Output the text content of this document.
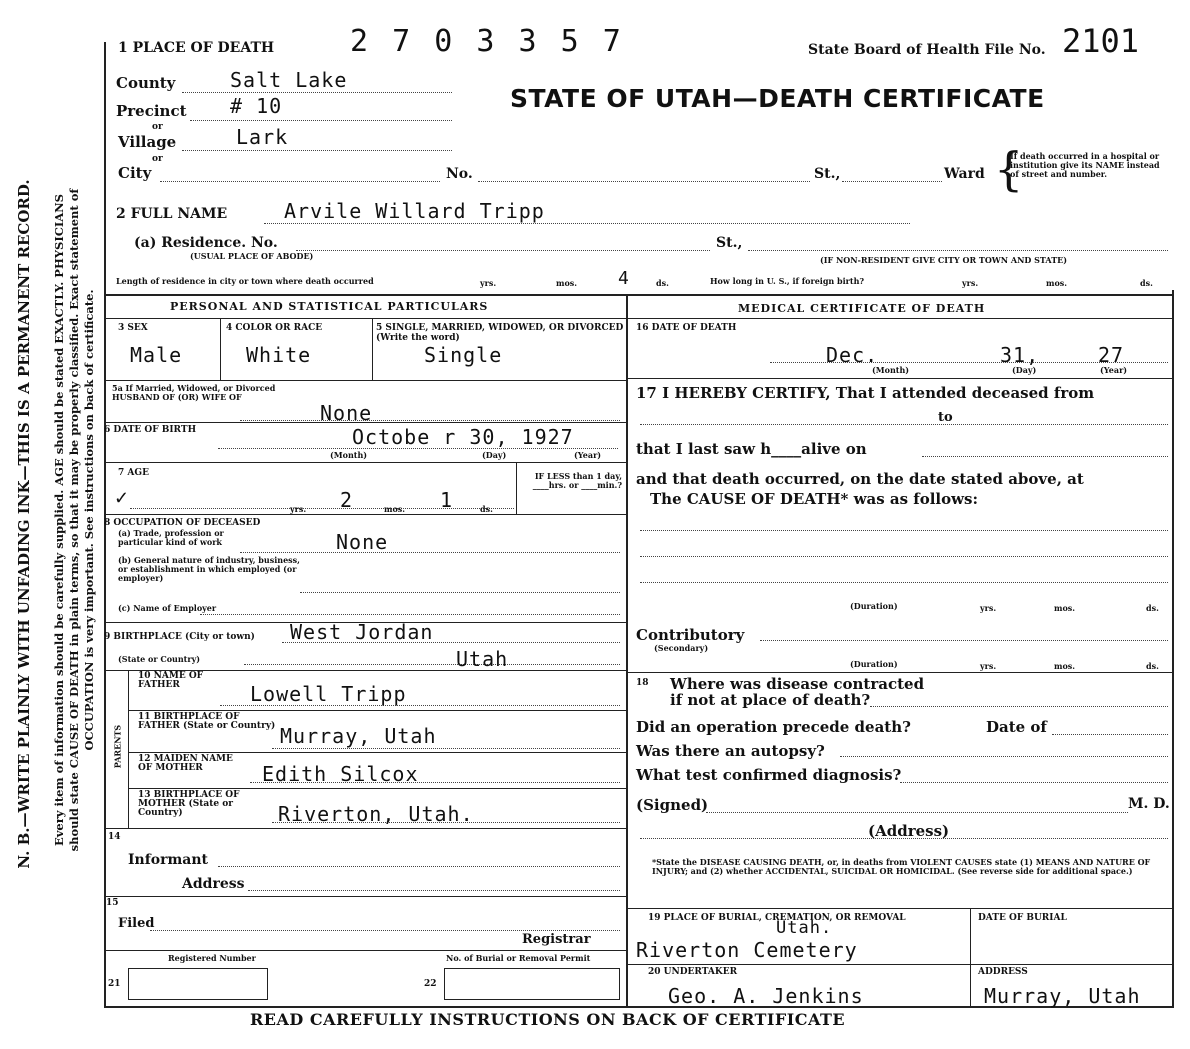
N. B.—WRITE PLAINLY WITH UNFADING INK—THIS IS A PERMANENT RECORD. Every item of information should be carefully supplied. AGE should be stated EXACTLY. PHYSICIANS should state CAUSE OF DEATH in plain terms, so that it may be properly classified. Exact statement of OCCUPATION is very important. See instructions on back of certificate.
1 PLACE OF DEATH	2 7 0 3 3 5 7	State Board of Health File No. 2101
STATE OF UTAH—DEATH CERTIFICATE
County	Salt Lake
Precinct # 10
or
Village	Lark
or
City	No.	St.,	Ward {
If death occurred in a hospital or institution give its NAME instead of street and number.
2 FULL NAME	Arvile Willard Tripp
(a) Residence. No.
(USUAL PLACE OF ABODE)
St.,
(IF NON-RESIDENT GIVE CITY OR TOWN AND STATE)
Length of residence in city or town where death occurred	yrs.	mos. 4	ds.	How long in U. S., if foreign birth?	yrs.	mos.	ds.
PERSONAL AND STATISTICAL PARTICULARS	MEDICAL CERTIFICATE OF DEATH
3 SEX
Male
4 COLOR OR RACE
White
5 SINGLE, MARRIED, WIDOWED, OR DIVORCED (Write the word)
Single
5a If Married, Widowed, or Divorced HUSBAND OF (OR) WIFE OF
None
6 DATE OF BIRTH	Octobe r 30, 1927
(Month)	(Day)	(Year)
7 AGE
✓	yrs. 2	mos. 1	ds.
IF LESS than 1 day, ____hrs. or ____min.?
8 OCCUPATION OF DECEASED
(a) Trade, profession or particular kind of work	None
(b) General nature of industry, business, or establishment in which employed (or employer)
(c) Name of Employer
9 BIRTHPLACE (City or town) West Jordan
(State or Country)	Utah
PARENTS
10 NAME OF FATHER	Lowell Tripp
11 BIRTHPLACE OF FATHER (State or Country) Murray, Utah
12 MAIDEN NAME OF MOTHER	Edith Silcox
13 BIRTHPLACE OF MOTHER (State or Country)	Riverton, Utah.
14
Informant
Address
15
Filed
Registrar
Registered Number
21
No. of Burial or Removal Permit
22
16 DATE OF DEATH
Dec.	31,	27
(Month)	(Day)	(Year)
17 I HEREBY CERTIFY, That I attended deceased from
to
that I last saw h____alive on
and that death occurred, on the date stated above, at
The CAUSE OF DEATH* was as follows:
(Duration)	yrs.	mos.	ds.
Contributory
(Secondary)
(Duration)	yrs.	mos.	ds.
18 Where was disease contracted if not at place of death?
Did an operation precede death?	Date of
Was there an autopsy?
What test confirmed diagnosis?
(Signed)	M. D.
(Address)
*State the DISEASE CAUSING DEATH, or, in deaths from VIOLENT CAUSES state (1) MEANS AND NATURE OF INJURY; and (2) whether ACCIDENTAL, SUICIDAL OR HOMICIDAL. (See reverse side for additional space.)
19 PLACE OF BURIAL, CREMATION, OR REMOVAL
Utah.
Riverton Cemetery
DATE OF BURIAL
20 UNDERTAKER
Geo. A. Jenkins
ADDRESS
Murray, Utah
READ CAREFULLY INSTRUCTIONS ON BACK OF CERTIFICATE
